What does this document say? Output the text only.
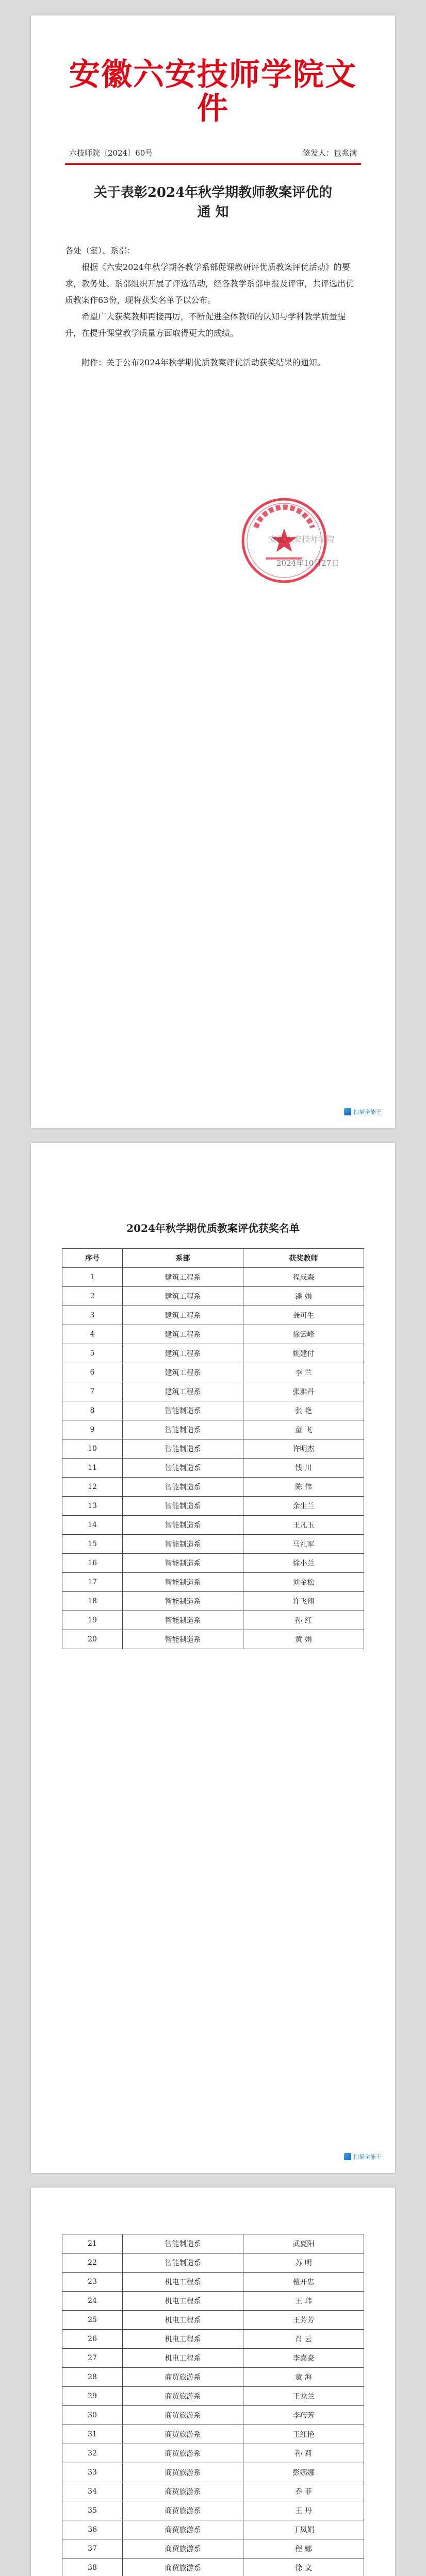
安徽六安技师学院文件
六技师院〔2024〕60号	签发人：包兆满
关于表彰2024年秋学期教师教案评优的
通 知

各处（室）、系部：

根据《六安2024年秋学期各教学系部促课教研评优质教案评优活动》的要求，教务处、系部组织开展了评选活动，经各教学系部申报及评审，共评选出优质教案作63份，现将获奖名单予以公布。

希望广大获奖教师再接再厉，不断促进全体教师的认知与学科教学质量提升，在提升课堂教学质量方面取得更大的成绩。

附件：关于公布2024年秋学期优质教案评优活动获奖结果的通知。
安徽六安技师学院
2024年10月27日
扫描全能王
2024年秋学期优质教案评优获奖名单
序号	系部	获奖教师
1	建筑工程系	程成森
2	建筑工程系	潘 娟
3	建筑工程系	龚可生
4	建筑工程系	徐云峰
5	建筑工程系	姚建付
6	建筑工程系	李 兰
7	建筑工程系	张雅丹
8	智能制造系	张 艳
9	智能制造系	童 飞
10	智能制造系	许明杰
11	智能制造系	钱 川
12	智能制造系	陈 伟
13	智能制造系	余生兰
14	智能制造系	王凡玉
15	智能制造系	马礼军
16	智能制造系	徐小兰
17	智能制造系	刘金松
18	智能制造系	许飞翔
19	智能制造系	孙 红
20	智能制造系	黄 娟
扫描全能王
21	智能制造系	武夏阳
22	智能制造系	苏 明
23	机电工程系	檀开忠
24	机电工程系	王 玮
25	机电工程系	王芳芳
26	机电工程系	肖 云
27	机电工程系	李嘉豪
28	商贸旅游系	黄 海
29	商贸旅游系	王龙兰
30	商贸旅游系	李巧芳
31	商贸旅游系	王红艳
32	商贸旅游系	孙 莉
33	商贸旅游系	彭娜娜
34	商贸旅游系	乔 菲
35	商贸旅游系	王 丹
36	商贸旅游系	丁凤娟
37	商贸旅游系	程 娜
38	商贸旅游系	徐 文
